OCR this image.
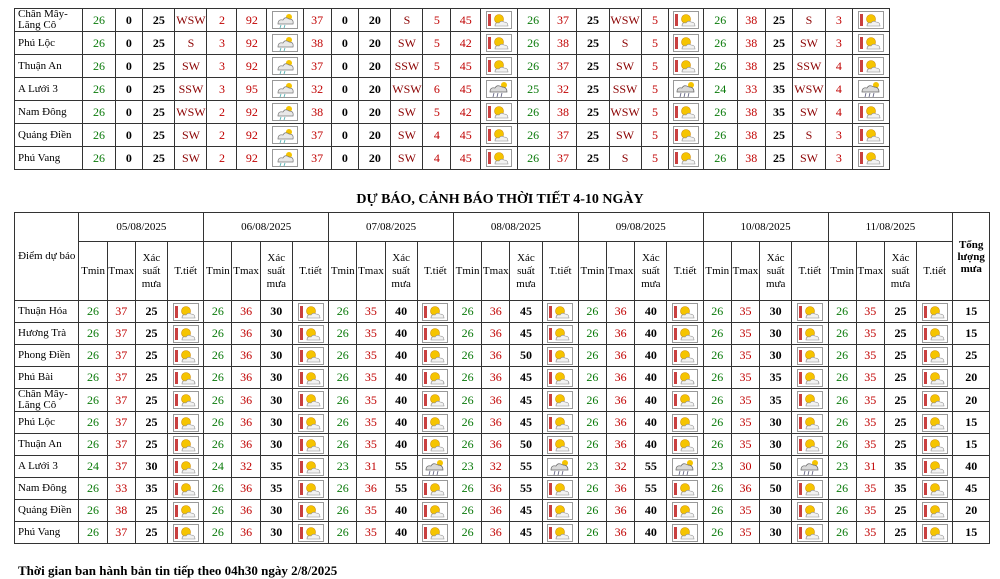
Chân Mây-Lăng Cô	26	0	25	WSW	2	92		37	0	20	S	5	45		26	37	25	WSW	5		26	38	25	S	3	

Phú Lộc	26	0	25	S	3	92		38	0	20	SW	5	42		26	38	25	S	5		26	38	25	SW	3	

Thuận An	26	0	25	SW	3	92		37	0	20	SSW	5	45		26	37	25	SW	5		26	38	25	SSW	4	

A Lưới 3	26	0	25	SSW	3	95		32	0	20	WSW	6	45		25	32	25	SSW	5		24	33	35	WSW	4	

Nam Đông	26	0	25	WSW	2	92		38	0	20	SW	5	42		26	38	25	WSW	5		26	38	35	SW	4	

Quảng Điền	26	0	25	SW	2	92		37	0	20	SW	4	45		26	37	25	SW	5		26	38	25	S	3	

Phú Vang	26	0	25	SW	2	92		37	0	20	SW	4	45		26	37	25	S	5		26	38	25	SW	3	
DỰ BÁO, CẢNH BÁO THỜI TIẾT 4-10 NGÀY
Điểm dự báo	05/08/2025				06/08/2025				07/08/2025				08/08/2025				09/08/2025				10/08/2025				11/08/2025				Tổng lượng mưa
	Tmin	Tmax	Xác suất mưa	T.tiết	Tmin	Tmax	Xác suất mưa	T.tiết	Tmin	Tmax	Xác suất mưa	T.tiết	Tmin	Tmax	Xác suất mưa	T.tiết	Tmin	Tmax	Xác suất mưa	T.tiết	Tmin	Tmax	Xác suất mưa	T.tiết	Tmin	Tmax	Xác suất mưa	T.tiết	
Thuận Hóa	26	37	25		26	36	30		26	35	40		26	36	45		26	36	40		26	35	30		26	35	25		15
Hương Trà	26	37	25		26	36	30		26	35	40		26	36	45		26	36	40		26	35	30		26	35	25		15
Phong Điền	26	37	25		26	36	30		26	35	40		26	36	50		26	36	40		26	35	30		26	35	25		25
Phú Bài	26	37	25		26	36	30		26	35	40		26	36	45		26	36	40		26	35	35		26	35	25		20
Chân Mây-Lăng Cô	26	37	25		26	36	30		26	35	40		26	36	45		26	36	40		26	35	35		26	35	25		20
Phú Lộc	26	37	25		26	36	30		26	35	40		26	36	45		26	36	40		26	35	30		26	35	25		15
Thuận An	26	37	25		26	36	30		26	35	40		26	36	50		26	36	40		26	35	30		26	35	25		15
A Lưới 3	24	37	30		24	32	35		23	31	55		23	32	55		23	32	55		23	30	50		23	31	35		40
Nam Đông	26	33	35		26	36	35		26	36	55		26	36	55		26	36	55		26	36	50		26	35	35		45
Quảng Điền	26	38	25		26	36	30		26	35	40		26	36	45		26	36	40		26	35	30		26	35	25		20
Phú Vang	26	37	25		26	36	30		26	35	40		26	36	45		26	36	40		26	35	30		26	35	25		15
Thời gian ban hành bản tin tiếp theo 04h30 ngày 2/8/2025
